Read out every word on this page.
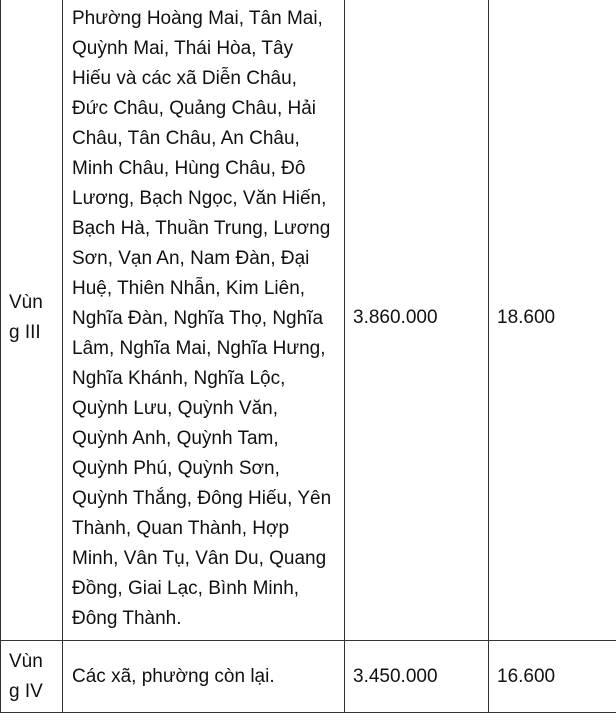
Vùng III	Phường Hoàng Mai, Tân Mai, Quỳnh Mai, Thái Hòa, Tây Hiếu và các xã Diễn Châu, Đức Châu, Quảng Châu, Hải Châu, Tân Châu, An Châu, Minh Châu, Hùng Châu, Đô Lương, Bạch Ngọc, Văn Hiến, Bạch Hà, Thuần Trung, Lương Sơn, Vạn An, Nam Đàn, Đại Huệ, Thiên Nhẫn, Kim Liên, Nghĩa Đàn, Nghĩa Thọ, Nghĩa Lâm, Nghĩa Mai, Nghĩa Hưng, Nghĩa Khánh, Nghĩa Lộc, Quỳnh Lưu, Quỳnh Văn, Quỳnh Anh, Quỳnh Tam, Quỳnh Phú, Quỳnh Sơn, Quỳnh Thắng, Đông Hiếu, Yên Thành, Quan Thành, Hợp Minh, Vân Tụ, Vân Du, Quang Đồng, Giai Lạc, Bình Minh, Đông Thành.	3.860.000	18.600

Vùng IV	Các xã, phường còn lại.	3.450.000	16.600
